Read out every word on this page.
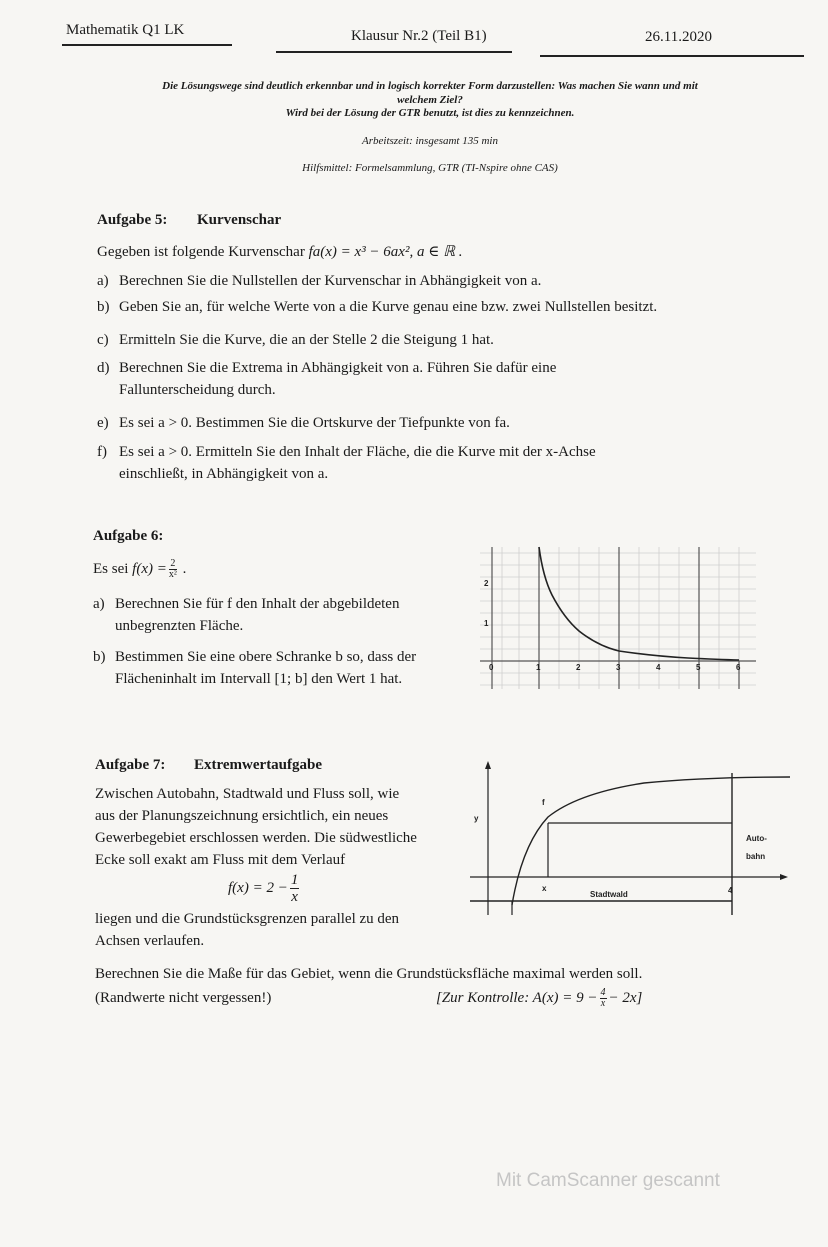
Mathematik Q1 LK	Klausur Nr.2 (Teil B1)	26.11.2020
Die Lösungswege sind deutlich erkennbar und in logisch korrekter Form darzustellen: Was machen Sie wann und mit
welchem Ziel?
Wird bei der Lösung der GTR benutzt, ist dies zu kennzeichnen.
Arbeitszeit: insgesamt 135 min
Hilfsmittel: Formelsammlung, GTR (TI-Nspire ohne CAS)
Aufgabe 5: Kurvenschar
Gegeben ist folgende Kurvenschar fa(x) = x³ − 6ax², a ∈ ℝ .
a) Berechnen Sie die Nullstellen der Kurvenschar in Abhängigkeit von a.
b) Geben Sie an, für welche Werte von a die Kurve genau eine bzw. zwei Nullstellen besitzt.
c) Ermitteln Sie die Kurve, die an der Stelle 2 die Steigung 1 hat.
d) Berechnen Sie die Extrema in Abhängigkeit von a. Führen Sie dafür eine
Fallunterscheidung durch.
e) Es sei a > 0. Bestimmen Sie die Ortskurve der Tiefpunkte von fa.
f) Es sei a > 0. Ermitteln Sie den Inhalt der Fläche, die die Kurve mit der x-Achse
einschließt, in Abhängigkeit von a.
Aufgabe 6:
Es sei $f(x) = \frac{2}{\text{x²}}$ .
a) Berechnen Sie für f den Inhalt der abgebildeten
unbegrenzten Fläche.
b) Bestimmen Sie eine obere Schranke b so, dass der
Flächeninhalt im Intervall [1; b] den Wert 1 hat.
0	1	2	3	4	5	6
2
1
Aufgabe 7: Extremwertaufgabe
Zwischen Autobahn, Stadtwald und Fluss soll, wie
aus der Planungszeichnung ersichtlich, ein neues
Gewerbegebiet erschlossen werden. Die südwestliche
Ecke soll exakt am Fluss mit dem Verlauf
$f(x) = 2 - \frac{1}{x}$
liegen und die Grundstücksgrenzen parallel zu den
Achsen verlaufen.
Berechnen Sie die Maße für das Gebiet, wenn die Grundstücksfläche maximal werden soll.
(Randwerte nicht vergessen!)	[Zur Kontrolle: $A(x) = 9 - \frac{4}{x} - 2x$]
f
y
x	4
Stadtwald
Auto-
bahn
Mit CamScanner gescannt
